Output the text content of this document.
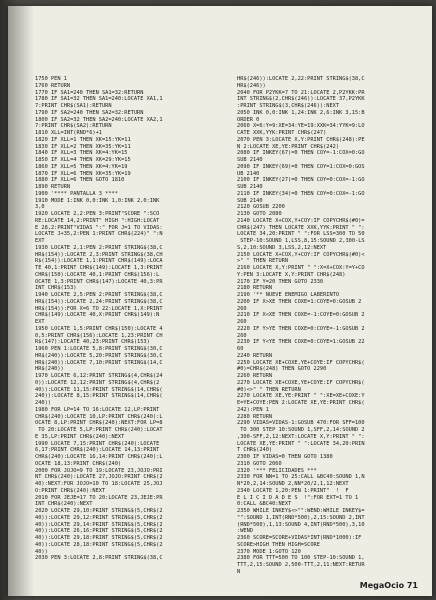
1750 PEN 1
1760 RETURN
1770 IF SA1=240 THEN SA1=32:RETURN
1780 IF SA1=32 THEN SA1=240:LOCATE XA1,1
7:PRINT CHR$(SA1):RETURN
1790 IF SA2=240 THEN SA2=32:RETURN
1800 IF SA2=32 THEN SA2=240:LOCATE XA2,1
7:PRINT CHR$(SA2):RETURN
1810 XLL=INT(RND*6)+1
1820 IF XLL=1 THEN XK=15:YK=11
1830 IF XLL=2 THEN XK=35:YK=11
1840 IF XLL=3 THEN XK=4:YK=15
1850 IF XLL=4 THEN XK=29:YK=15
1860 IF XLL=5 THEN XK=4:YK=19
1870 IF XLL=6 THEN XK=35:YK=19
1880 IF XLL=6 THEN GOTO 1810
1890 RETURN
1900 '**** PANTALLA 3 ****
1910 MODE 1:INK 0,0:INK 1,0:INK 2,0:INK
3,0
1920 LOCATE 2,2:PEN 3:PRINT"SCORE ":SCO
RE:LOCATE 14,2:PRINT" HIGH ":HIGH:LOCAT
E 28,2:PRINT"VIDAS ":" FOR J=1 TO VIDAS:
LOCATE J+35,2:PEN 1:PRINT CHR$(224)" ":N
EXT
1930 LOCATE 2,1:PEN 2:PRINT STRING$(38,C
HR$(154)):LOCATE 2,3:PRINT STRING$(38,CH
R$(154)):LOCATE 1,1:PRINT CHR$(149):LOCA
TE 40,1:PRINT CHR$(149):LOCATE 1,3:PRINT
CHR$(150):LOCATE 40,1:PRINT CHR$(156):L
OCATE 1,3:PRINT CHR$(147):LOCATE 40,3:PR
INT CHR$(153)
1940 LOCATE 2,5:PEN 2:PRINT STRING$(38,C
HR$(154)):LOCATE 2,24:PRINT STRING$(38,C
HR$(154)):FOR X=6 TO 22:LOCATE 1,X:PRINT
CHR$(149):LOCATE 40,X:PRINT CHR$(149):N
EXT
1950 LOCATE 1,5:PRINT CHR$(150):LOCATE 4
0,5:PRINT CHR$(156):LOCATE 1,23:PRINT CH
R$(147):LOCATE 40,23:PRINT CHR$(153)
1960 PEN 1:LOCATE 5,8:PRINT STRING$(30,C
HR$(240)):LOCATE 5,20:PRINT STRING$(30,C
HR$(240)):LOCATE 7,10:PRINT STRING$(14,C
HR$(240))
1970 LOCATE 6,12:PRINT STRING$(4,CHR$(24
0)):LOCATE 12,12:PRINT STRING$(4,CHR$(2
40)):LOCATE 11,15:PRINT STRING$(14,CHR$(
240)):LOCATE 8,15:PRINT STRING$(14,CHR$(
240))
1980 FOR LP=14 TO 16:LOCATE 12,LP:PRINT
CHR$(240):LOCATE 10,LP:PRINT CHR$(240):L
OCATE 8,LP:PRINT CHR$(240):NEXT:FOR LP=8
TO 20:LOCATE 5,LP:PRINT CHR$(240):LOCAT
E 35,LP:PRINT CHR$(240):NEXT
1990 LOCATE 7,15:PRINT CHR$(240):LOCATE
6,17:PRINT CHR$(240):LOCATE 14,13:PRINT
CHR$(240):LOCATE 16,14:PRINT CHR$(240):L
OCATE 18,13:PRINT CHR$(240)
2000 FOR JOJO=9 TO 19:LOCATE 23,JOJO:PRI
NT CHR$(240):LOCATE 27,JOJO:PRINT CHR$(2
40):NEXT:FOR JOJO=10 TO 18:LOCATE 25,JOJ
O:PRINT CHR$(240):NEXT
2010 FOR JEJE=17 TO 20:LOCATE 23,JEJE:PR
INT CHR$(240):NEXT
2020 LOCATE 29,10:PRINT STRING$(5,CHR$(2
40)):LOCATE 29,12:PRINT STRING$(5,CHR$(2
40)):LOCATE 29,14:PRINT STRING$(5,CHR$(2
40)):LOCATE 26,16:PRINT STRING$(5,CHR$(2
40)):LOCATE 29,18:PRINT STRING$(5,CHR$(2
40)):LOCATE 28,18:PRINT STRING$(5,CHR$(2
40))
2030 PEN 3:LOCATE 2,8:PRINT STRING$(38,C
HR$(246)):LOCATE 2,22:PRINT STRING$(38,C
HR$(246))
2040 FOR P2YKK=7 TO 21:LOCATE 2,P2YKK:PR
INT STRING$(2,CHR$(246)):LOCATE 37,P2YKK
:PRINT STRING$(3,CHR$(246)):NEXT
2050 INK 0,0:INK 1,24:INK 2,6:INK 3,15:B
ORDER 0
2060 X=6:Y=9:XE=34:YE=19:XXK=34:YYK=9:LO
CATE XXK,YYK:PRINT CHR$(247)
2070 PEN 3:LOCATE X,Y:PRINT CHR$(248):PE
N 2:LOCATE XE,YE:PRINT CHR$(242)
2080 IF INKEY(67)=0 THEN COY=-1:COX=0:GO
SUB 2140
2090 IF INKEY(69)=0 THEN COY=1:COX=0:GOS
UB 2140
2100 IF INKEY(27)=0 THEN COY=0:COX=-1:GO
SUB 2140
2110 IF INKEY(34)=0 THEN COY=0:COX=-1:GO
SUB 2140
2120 GOSUB 2200
2130 GOTO 2080
2140 LOCATE X+COX,Y+COY:IF COPYCHR$(#0)=
CHR$(247) THEN LOCATE XXK,YYK:PRINT " ":
LOCATE 34,20:PRINT " ":FOR LSS=300 TO 50
STEP-10:SOUND 1,LSS,8,15:SOUND 2,300-LS
S,2,10:SOUND 3,LSS,2,12:NEXT
2150 LOCATE X+COX,Y+COY:IF COPYCHR$(#0)<
>" " THEN RETURN
2160 LOCATE X,Y:PRINT " ":X=X+COX:Y=Y+CO
Y:PEN 3:LOCATE X,Y:PRINT CHR$(248)
2170 IF Y=20 THEN GOTO 2330
2180 RETURN
2190 '** NUEVE ENEMIGO LABERINTO
2200 IF X>XE THEN COXE=1:COYE=0:GOSUB 2
260
2210 IF X<XE THEN COXE=-1:COYE=0:GOSUB 2
260
2220 IF Y>YE THEN COXE=0:COYE=-1:GOSUB 2
260
2230 IF Y<YE THEN COXE=0:COYE=1:GOSUB 22
60
2240 RETURN
2250 LOCATE XE+COXE,YE+COYE:IF COPYCHR$(
#0)=CHR$(248) THEN GOTO 2290
2260 RETURN
2270 LOCATE XE+COXE,YE+COYE:IF COPYCHR$(
#0)<>" " THEN RETURN
2270 LOCATE XE,YE:PRINT " ":XE=XE+COXE:Y
E=YE+COYE:PEN 2:LOCATE XE,YE:PRINT CHR$(
242):PEN 1
2280 RETURN
2290 VIDAS=VIDAS-1:GOSUB 470:FOR SFF=100
TO 300 STEP 10:SOUND 1,SFF,2,14:SOUND 2
,300-SFF,2,12:NEXT:LOCATE X,Y:PRINT " ":
LOCATE XE,YE:PRINT " ":LOCATE 34,20:PRIN
T CHR$(240)
2300 IF VIDAS=0 THEN GOTO 1380
2310 GOTO 2060
2320 '*** FELICIDADES ***
2330 FOR NN=1 TO 25:CALL &BC40:SOUND 1,N
N*20,2,14:SOUND 2,NN*20/2,1,12:NEXT
2340 LOCATE 1,20:PEN 1:PRINT"  !  F
E L I C I D A D E S  !":FOR EXT=1 TO 1
0:CALL &BC40:NEXT
2350 WHILE INKEY$<>"":WEND:WHILE INKEY$=
"":SOUND 1,INT(RND*500),2,15:SOUND 2,INT
(RND*500),1,13:SOUND 4,INT(RND*500),3,10
:WEND
2360 SCORE=SCORE+VIDAS*INT(RND*1000):IF
SCORE>HIGH THEN HIGH=SCORE
2370 MODE 1:GOTO 120
2380 FOR TTT=500 TO 100 STEP-10:SOUND 1,
TTT,2,15:SOUND 2,500-TTT,2,11:NEXT:RETUR
N
MegaOcio 71
